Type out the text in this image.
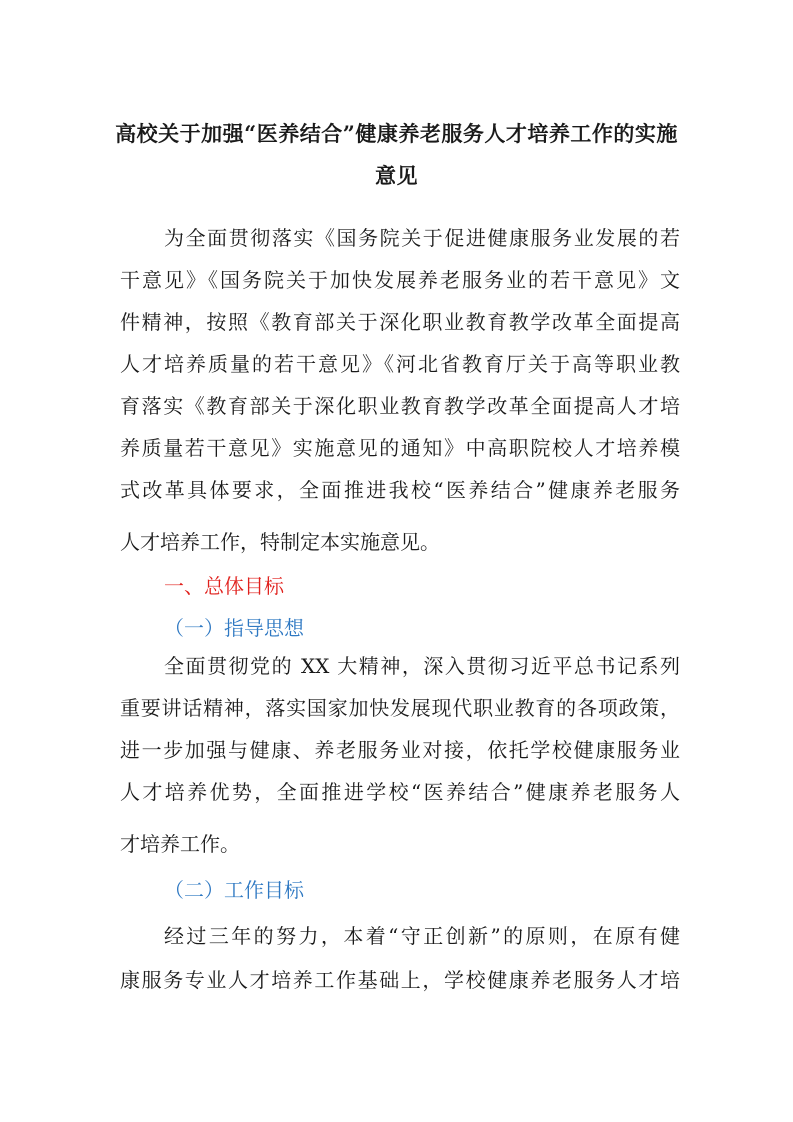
高校关于加强“医养结合”健康养老服务人才培养工作的实施
意见
为全面贯彻落实《国务院关于促进健康服务业发展的若
干意见》《国务院关于加快发展养老服务业的若干意见》文
件精神，按照《教育部关于深化职业教育教学改革全面提高
人才培养质量的若干意见》《河北省教育厅关于高等职业教
育落实《教育部关于深化职业教育教学改革全面提高人才培
养质量若干意见》实施意见的通知》中高职院校人才培养模
式改革具体要求，全面推进我校“医养结合”健康养老服务
人才培养工作，特制定本实施意见。
一、总体目标
（一）指导思想
全面贯彻党的 XX 大精神，深入贯彻习近平总书记系列
重要讲话精神，落实国家加快发展现代职业教育的各项政策，
进一步加强与健康、养老服务业对接，依托学校健康服务业
人才培养优势，全面推进学校“医养结合”健康养老服务人
才培养工作。
（二）工作目标
经过三年的努力，本着“守正创新”的原则，在原有健
康服务专业人才培养工作基础上，学校健康养老服务人才培
